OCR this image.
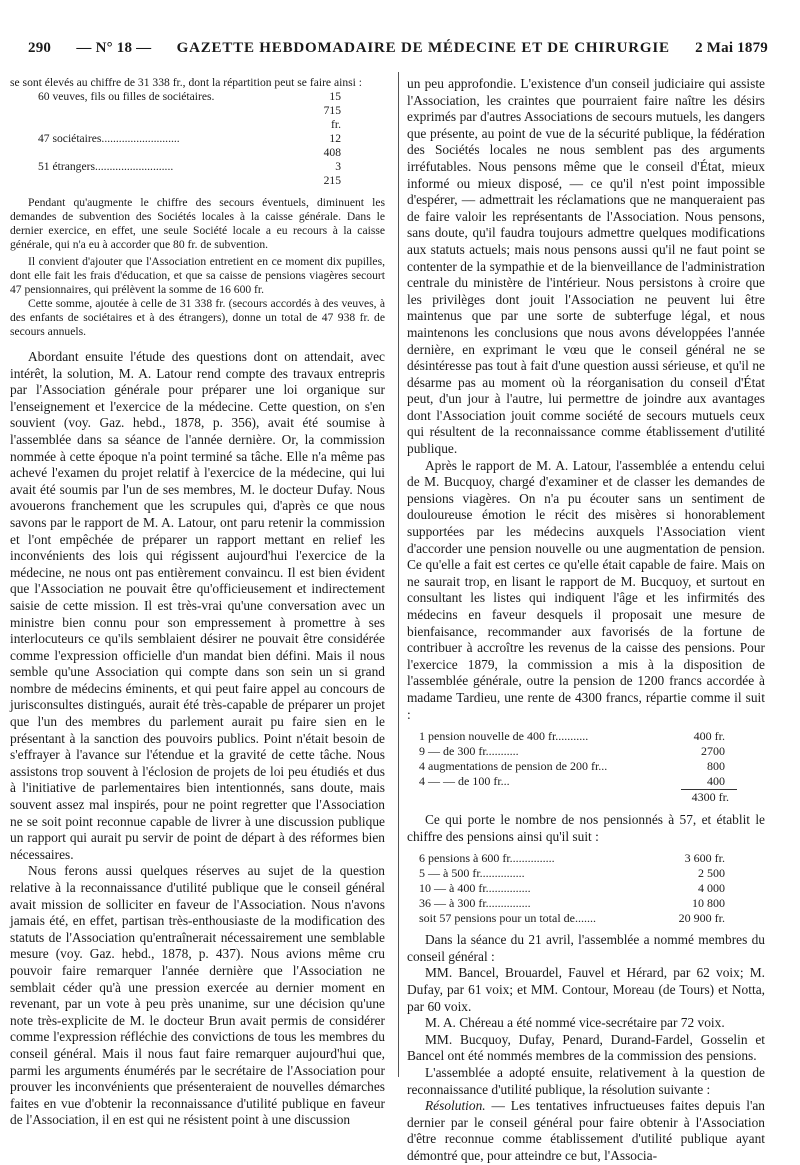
290 — N° 18 — GAZETTE HEBDOMADAIRE DE MÉDECINE ET DE CHIRURGIE 2 Mai 1879

se sont élevés au chiffre de 31 338 fr., dont la répartition peut se faire ainsi :

60 veuves, fils ou filles de sociétaires.	15 715 fr.
47 sociétaires...........................	12 408
51 étrangers...........................	3 215

Pendant qu'augmente le chiffre des secours éventuels, diminuent les demandes de subvention des Sociétés locales à la caisse générale. Dans le dernier exercice, en effet, une seule Société locale a eu recours à la caisse générale, qui n'a eu à accorder que 80 fr. de subvention.

Il convient d'ajouter que l'Association entretient en ce moment dix pupilles, dont elle fait les frais d'éducation, et que sa caisse de pensions viagères secourt 47 pensionnaires, qui prélèvent la somme de 16 600 fr.

Cette somme, ajoutée à celle de 31 338 fr. (secours accordés à des veuves, à des enfants de sociétaires et à des étrangers), donne un total de 47 938 fr. de secours annuels.

Abordant ensuite l'étude des questions dont on attendait, avec intérêt, la solution, M. A. Latour rend compte des travaux entrepris par l'Association générale pour préparer une loi organique sur l'enseignement et l'exercice de la médecine. Cette question, on s'en souvient (voy. Gaz. hebd., 1878, p. 356), avait été soumise à l'assemblée dans sa séance de l'année dernière. Or, la commission nommée à cette époque n'a point terminé sa tâche. Elle n'a même pas achevé l'examen du projet relatif à l'exercice de la médecine, qui lui avait été soumis par l'un de ses membres, M. le docteur Dufay. Nous avouerons franchement que les scrupules qui, d'après ce que nous savons par le rapport de M. A. Latour, ont paru retenir la commission et l'ont empêchée de préparer un rapport mettant en relief les inconvénients des lois qui régissent aujourd'hui l'exercice de la médecine, ne nous ont pas entièrement convaincu. Il est bien évident que l'Association ne pouvait être qu'officieusement et indirectement saisie de cette mission. Il est très-vrai qu'une conversation avec un ministre bien connu pour son empressement à promettre à ses interlocuteurs ce qu'ils semblaient désirer ne pouvait être considérée comme l'expression officielle d'un mandat bien défini. Mais il nous semble qu'une Association qui compte dans son sein un si grand nombre de médecins éminents, et qui peut faire appel au concours de jurisconsultes distingués, aurait été très-capable de préparer un projet que l'un des membres du parlement aurait pu faire sien en le présentant à la sanction des pouvoirs publics. Point n'était besoin de s'effrayer à l'avance sur l'étendue et la gravité de cette tâche. Nous assistons trop souvent à l'éclosion de projets de loi peu étudiés et dus à l'initiative de parlementaires bien intentionnés, sans doute, mais souvent assez mal inspirés, pour ne point regretter que l'Association ne se soit point reconnue capable de livrer à une discussion publique un rapport qui aurait pu servir de point de départ à des réformes bien nécessaires.

Nous ferons aussi quelques réserves au sujet de la question relative à la reconnaissance d'utilité publique que le conseil général avait mission de solliciter en faveur de l'Association. Nous n'avons jamais été, en effet, partisan très-enthousiaste de la modification des statuts de l'Association qu'entraînerait nécessairement une semblable mesure (voy. Gaz. hebd., 1878, p. 437). Nous avions même cru pouvoir faire remarquer l'année dernière que l'Association ne semblait céder qu'à une pression exercée au dernier moment en revenant, par un vote à peu près unanime, sur une décision qu'une note très-explicite de M. le docteur Brun avait permis de considérer comme l'expression réfléchie des convictions de tous les membres du conseil général. Mais il nous faut faire remarquer aujourd'hui que, parmi les arguments énumérés par le secrétaire de l'Association pour prouver les inconvénients que présenteraient de nouvelles démarches faites en vue d'obtenir la reconnaissance d'utilité publique en faveur de l'Association, il en est qui ne résistent point à une discussion

un peu approfondie. L'existence d'un conseil judiciaire qui assiste l'Association, les craintes que pourraient faire naître les désirs exprimés par d'autres Associations de secours mutuels, les dangers que présente, au point de vue de la sécurité publique, la fédération des Sociétés locales ne nous semblent pas des arguments irréfutables. Nous pensons même que le conseil d'État, mieux informé ou mieux disposé, — ce qu'il n'est point impossible d'espérer, — admettrait les réclamations que ne manqueraient pas de faire valoir les représentants de l'Association. Nous pensons, sans doute, qu'il faudra toujours admettre quelques modifications aux statuts actuels; mais nous pensons aussi qu'il ne faut point se contenter de la sympathie et de la bienveillance de l'administration centrale du ministère de l'intérieur. Nous persistons à croire que les privilèges dont jouit l'Association ne peuvent lui être maintenus que par une sorte de subterfuge légal, et nous maintenons les conclusions que nous avons développées l'année dernière, en exprimant le vœu que le conseil général ne se désintéresse pas tout à fait d'une question aussi sérieuse, et qu'il ne désarme pas au moment où la réorganisation du conseil d'État peut, d'un jour à l'autre, lui permettre de joindre aux avantages dont l'Association jouit comme société de secours mutuels ceux qui résultent de la reconnaissance comme établissement d'utilité publique.

Après le rapport de M. A. Latour, l'assemblée a entendu celui de M. Bucquoy, chargé d'examiner et de classer les demandes de pensions viagères. On n'a pu écouter sans un sentiment de douloureuse émotion le récit des misères si honorablement supportées par les médecins auxquels l'Association vient d'accorder une pension nouvelle ou une augmentation de pension. Ce qu'elle a fait est certes ce qu'elle était capable de faire. Mais on ne saurait trop, en lisant le rapport de M. Bucquoy, et surtout en consultant les listes qui indiquent l'âge et les infirmités des médecins en faveur desquels il proposait une mesure de bienfaisance, recommander aux favorisés de la fortune de contribuer à accroître les revenus de la caisse des pensions. Pour l'exercice 1879, la commission a mis à la disposition de l'assemblée générale, outre la pension de 1200 francs accordée à madame Tardieu, une rente de 4300 francs, répartie comme il suit :

1 pension nouvelle de 400 fr...........	400 fr.
9 — de 300 fr...........	2700
4 augmentations de pension de 200 fr...	800
4 — — de 100 fr...	400
4300 fr.

Ce qui porte le nombre de nos pensionnés à 57, et établit le chiffre des pensions ainsi qu'il suit :

6 pensions à 600 fr...............	3 600 fr.
5 — à 500 fr...............	2 500
10 — à 400 fr...............	4 000
36 — à 300 fr...............	10 800
soit 57 pensions pour un total de.......	20 900 fr.

Dans la séance du 21 avril, l'assemblée a nommé membres du conseil général :

MM. Bancel, Brouardel, Fauvel et Hérard, par 62 voix; M. Dufay, par 61 voix; et MM. Contour, Moreau (de Tours) et Notta, par 60 voix.

M. A. Chéreau a été nommé vice-secrétaire par 72 voix.

MM. Bucquoy, Dufay, Penard, Durand-Fardel, Gosselin et Bancel ont été nommés membres de la commission des pensions.

L'assemblée a adopté ensuite, relativement à la question de reconnaissance d'utilité publique, la résolution suivante :

Résolution. — Les tentatives infructueuses faites depuis l'an dernier par le conseil général pour faire obtenir à l'Association d'être reconnue comme établissement d'utilité publique ayant démontré que, pour atteindre ce but, l'Associa-
